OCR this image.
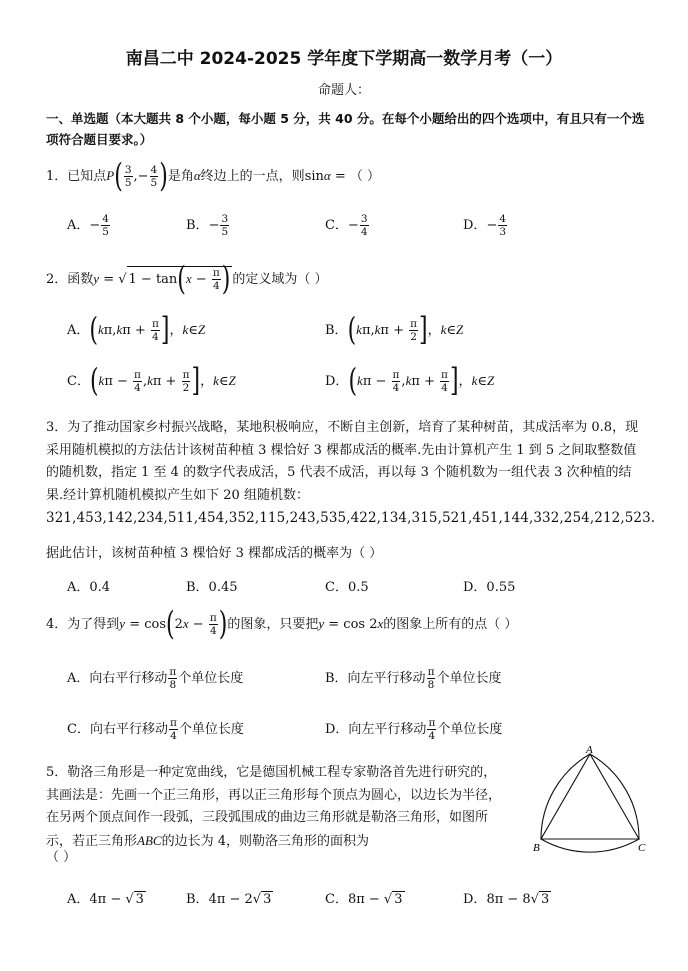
南昌二中 2024-2025 学年度下学期高一数学月考（一）
命题人：
一、单选题（本大题共 8 个小题，每小题 5 分，共 40 分。在每个小题给出的四个选项中，有且只有一个选项符合题目要求。）
1．已知点$P( \frac{3}{5}$ ,− $\frac{4}{5}$ )是角α终边上的一点，则sinα = （ ）
A．− $\frac{4}{5}$	B．− $\frac{3}{5}$	C．− $\frac{3}{4}$	D．− $\frac{4}{3}$
2．函数y = √ $1 - \tan(x - \frac{\pi}{4}$ ) 的定义域为（ ）
A．($k\pi,k\pi + \frac{\pi}{4}$ ]，k∈Z	B．($k\pi,k\pi + \frac{\pi}{2}$ ]，k∈Z
C．($k\pi - \frac{\pi}{4} ,k\pi + \frac{\pi}{2}$ ]，k∈Z	D．($k\pi - \frac{\pi}{4} ,k\pi + \frac{\pi}{4}$ ]，k∈Z
3．为了推动国家乡村振兴战略，某地积极响应，不断自主创新，培育了某种树苗，其成活率为 0.8，现采用随机模拟的方法估计该树苗种植 3 棵恰好 3 棵都成活的概率.先由计算机产生 1 到 5 之间取整数值的随机数，指定 1 至 4 的数字代表成活，5 代表不成活，再以每 3 个随机数为一组代表 3 次种植的结果.经计算机随机模拟产生如下 20 组随机数：
321,453,142,234,511,454,352,115,243,535,422,134,315,521,451,144,332,254,212,523.
据此估计，该树苗种植 3 棵恰好 3 棵都成活的概率为（ ）
A．0.4	B．0.45	C．0.5	D．0.55
4．为了得到$y = \cos(2x - \frac{\pi}{4}$ )的图象，只要把y = cos 2x的图象上所有的点（ ）
A．向右平行移动 $\frac{\pi}{8}$ 个单位长度	B．向左平行移动 $\frac{\pi}{8}$ 个单位长度
C．向右平行移动 $\frac{\pi}{4}$ 个单位长度	D．向左平行移动 $\frac{\pi}{4}$ 个单位长度
5．勒洛三角形是一种定宽曲线，它是德国机械工程专家勒洛首先进行研究的，其画法是：先画一个正三角形，再以正三角形每个顶点为圆心，以边长为半径，在另两个顶点间作一段弧，三段弧围成的曲边三角形就是勒洛三角形，如图所示，若正三角形ABC的边长为 4，则勒洛三角形的面积为
（ ）
A
B	C
A．4π − √ 3	B．4π − 2√ 3	C．8π − √ 3	D．8π − 8√ 3
